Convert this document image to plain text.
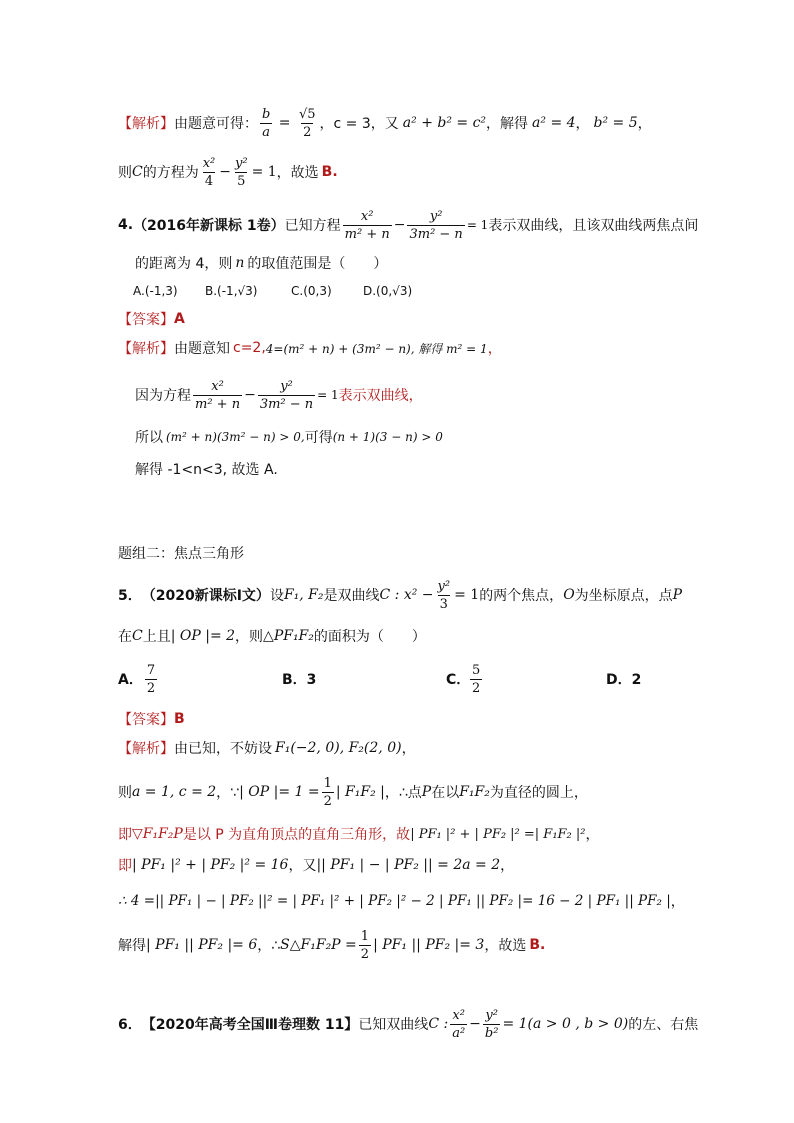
【解析】 由题意可得： $\frac{b}{a} = \frac{√5}{2}$ ，c = 3，又 a² + b² = c² ，解得 a² = 4 ， b² = 5 ，
则 C 的方程为 $\frac{\text{x²}}{4} - \frac{\text{y²}}{5} = 1$ ，故选 B.
4. （2016年新课标 1卷） 已知方程 $\frac{\text{x²}}{\text{m² + n}} - \frac{\text{y²}}{\text{3m² − n}} = 1$ 表示双曲线，且该双曲线两焦点间
的距离为 4，则 n 的取值范围是（　　）
A.(-1,3)	B.(-1,√3)	C.(0,3)	D.(0,√3)
【答案】 A
【解析】 由题意知 c=2, 4=(m² + n) + (3m² − n), 解得 m² = 1 ，
因为方程 $\frac{\text{x²}}{\text{m² + n}} - \frac{\text{y²}}{\text{3m² − n}} = 1$ 表示双曲线，
所以 (m² + n)(3m² − n) > 0, 可得 (n + 1)(3 − n) > 0
解得 -1<n<3, 故选 A.
题组二：焦点三角形
5． （2020新课标Ⅰ文） 设 F₁, F₂ 是双曲线 C : $x^2 - \frac{\text{y²}}{3} = 1$ 的两个焦点， O 为坐标原点，点 P
在 C 上且 | OP |= 2 ，则 △PF₁F₂ 的面积为（　　）
A． $\frac{7}{2}$	B．3	C． $\frac{5}{2}$	D．2
【答案】 B
【解析】 由已知，不妨设 F₁(−2, 0), F₂(2, 0) ，
则 a = 1, c = 2 ，∵ | OP |= $1 = \frac{1}{2}$ | F₁F₂ | ，∴点 P 在以 F₁F₂ 为直径的圆上，
即 ▽F₁F₂P 是以 P 为直角顶点的直角三角形，故 | PF₁ |² + | PF₂ |² =| F₁F₂ |² ，
即 | PF₁ |² + | PF₂ |² = 16 ，又 || PF₁ | − | PF₂ || = 2a = 2 ，
∴ 4 =|| PF₁ | − | PF₂ ||² = | PF₁ |² + | PF₂ |² − 2 | PF₁ || PF₂ |= 16 − 2 | PF₁ || PF₂ | ，
解得 | PF₁ || PF₂ |= 6 ，∴ S△F₁F₂P = $\frac{1}{2}$ | PF₁ || PF₂ |= 3 ，故选 B.
6． 【2020年高考全国Ⅲ卷理数 11】 已知双曲线 C : $\frac{\text{x²}}{\text{a²}} - \frac{\text{y²}}{\text{b²}} = 1(a > 0$ , b > 0) 的左、右焦
